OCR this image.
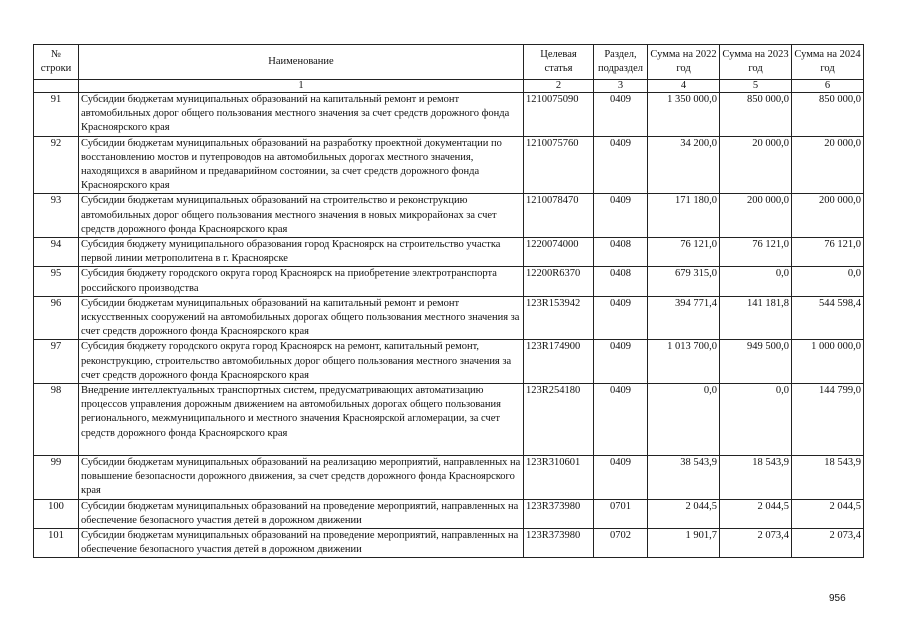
№ строки	Наименование	Целевая статья	Раздел, подраздел	Сумма на 2022 год	Сумма на 2023 год	Сумма на 2024 год
	1	2	3	4	5	6
91	Субсидии бюджетам муниципальных образований на капитальный ремонт и ремонт автомобильных дорог общего пользования местного значения за счет средств дорожного фонда Красноярского края	1210075090	0409	1 350 000,0	850 000,0	850 000,0
92	Субсидии бюджетам муниципальных образований на разработку проектной документации по восстановлению мостов и путепроводов на автомобильных дорогах местного значения, находящихся в аварийном и предаварийном состоянии, за счет средств дорожного фонда Красноярского края	1210075760	0409	34 200,0	20 000,0	20 000,0
93	Субсидии бюджетам муниципальных образований на строительство и реконструкцию автомобильных дорог общего пользования местного значения в новых микрорайонах за счет средств дорожного фонда Красноярского края	1210078470	0409	171 180,0	200 000,0	200 000,0
94	Субсидия бюджету муниципального образования город Красноярск на строительство участка первой линии метрополитена в г. Красноярске	1220074000	0408	76 121,0	76 121,0	76 121,0
95	Субсидия бюджету городского округа город Красноярск на приобретение электротранспорта российского производства	12200R6370	0408	679 315,0	0,0	0,0
96	Субсидии бюджетам муниципальных образований на капитальный ремонт и ремонт искусственных сооружений на автомобильных дорогах общего пользования местного значения за счет средств дорожного фонда Красноярского края	123R153942	0409	394 771,4	141 181,8	544 598,4
97	Субсидия бюджету городского округа город Красноярск на ремонт, капитальный ремонт, реконструкцию, строительство автомобильных дорог общего пользования местного значения за счет средств дорожного фонда Красноярского края	123R174900	0409	1 013 700,0	949 500,0	1 000 000,0
98	Внедрение интеллектуальных транспортных систем, предусматривающих автоматизацию процессов управления дорожным движением на автомобильных дорогах общего пользования регионального, межмуниципального и местного значения Красноярской агломерации, за счет средств дорожного фонда Красноярского края	123R254180	0409	0,0	0,0	144 799,0
99	Субсидии бюджетам муниципальных образований на реализацию мероприятий, направленных на повышение безопасности дорожного движения, за счет средств дорожного фонда Красноярского края	123R310601	0409	38 543,9	18 543,9	18 543,9
100	Субсидии бюджетам муниципальных образований на проведение мероприятий, направленных на обеспечение безопасного участия детей в дорожном движении	123R373980	0701	2 044,5	2 044,5	2 044,5
101	Субсидии бюджетам муниципальных образований на проведение мероприятий, направленных на обеспечение безопасного участия детей в дорожном движении	123R373980	0702	1 901,7	2 073,4	2 073,4
956
